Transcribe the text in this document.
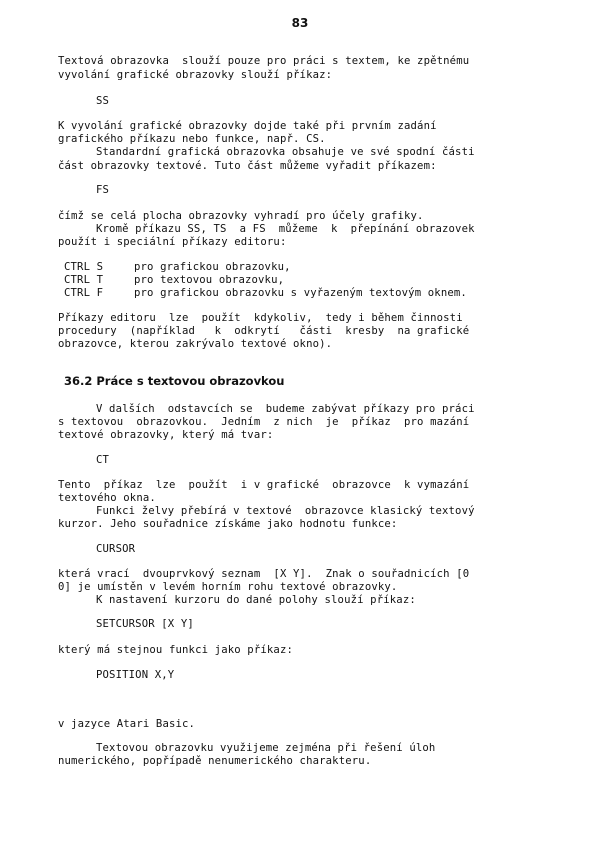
83
Textová obrazovka  slouží pouze pro práci s textem, ke zpětnému
vyvolání grafické obrazovky slouží příkaz:
SS
K vyvolání grafické obrazovky dojde také při prvním zadání
grafického příkazu nebo funkce, např. CS.
Standardní grafická obrazovka obsahuje ve své spodní části
část obrazovky textové. Tuto část můžeme vyřadit příkazem:
FS
čímž se celá plocha obrazovky vyhradí pro účely grafiky.
Kromě příkazu SS, TS  a FS  můžeme  k  přepínání obrazovek
použít i speciální příkazy editoru:
CTRL S	pro grafickou obrazovku,
CTRL T	pro textovou obrazovku,
CTRL F	pro grafickou obrazovku s vyřazeným textovým oknem.
Příkazy editoru  lze  použít  kdykoliv,  tedy i během činnosti
procedury  (například   k  odkrytí   části  kresby  na grafické
obrazovce, kterou zakrývalo textové okno).
36.2 Práce s textovou obrazovkou
V dalších  odstavcích se  budeme zabývat příkazy pro práci
s textovou  obrazovkou.  Jedním  z nich  je  příkaz  pro mazání
textové obrazovky, který má tvar:
CT
Tento  příkaz  lze  použít  i v grafické  obrazovce  k vymazání
textového okna.
Funkci želvy přebírá v textové  obrazovce klasický textový
kurzor. Jeho souřadnice získáme jako hodnotu funkce:
CURSOR
která vrací  dvouprvkový seznam  [X Y].  Znak o souřadnicích [0
0] je umístěn v levém horním rohu textové obrazovky.
K nastavení kurzoru do dané polohy slouží příkaz:
SETCURSOR [X Y]
který má stejnou funkci jako příkaz:
POSITION X,Y
v jazyce Atari Basic.
Textovou obrazovku využijeme zejména při řešení úloh
numerického, popřípadě nenumerického charakteru.
